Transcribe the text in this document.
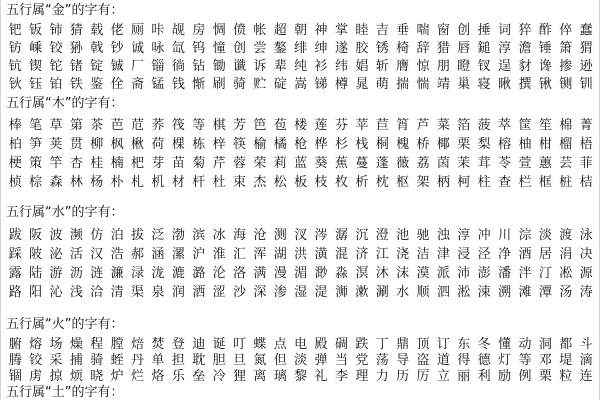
五行属“金”的字有：
钯 钣 铈 猜 载 佬 厕 咔 觇 房 惆 偾 帐 超 朝 神 掌 睦 吉 垂 喘 窗 创 捶 词 猝 酢 倅 蠢
钫 嵊 铰 狲 戟 钞 诚 咏 氙 钨 憧 创 尝 鏊 绯 绅 遂 胶 锈 椅 辞 猎 唇 鎚 淳 澹 锤 箫 猬
钪 锲 铊 锗 锭 铖 厂 锱 徜 钻 锄 谶 诉 辈 纯 衫 纬 娼 斩 膺 惊 朋 瞪 钗 逞 豺 谗 掺 逊
钬 钰 铂 铁 鉴 佺 斋 锰 钱 惭 刷 骑 贮 碇 嵩 锑 樽 晁 萌 揣 惴 靖 巢 寝 瞅 撰 锹 铡 钏
五行属“木”的字有：
棒 笔 草 第 茶 芭 苊 荞 筏 等 棋 芳 笆 苞 楼 莲 芬 苹 苣 筲 芦 菜 箔 菠 萃 筐 笙 棉 菁
柏 笋 荚 贯 柳 枫 楸 荷 棵 栋 梓 筷 榆 橘 枪 桦 杉 栈 桐 槐 桥 椰 栗 梨 榕 柚 柑 榴 梧
梗 策 竿 杏 桂 楠 杷 芽 苗 菊 芹 蓉 荣 莉 蓝 葵 蕉 蔓 蓬 薇 荔 茵 茉 茸 苓 萱 蕙 芸 菲
桢 棕 森 林 杨 朴 札 机 材 杆 杜 束 杰 松 板 枝 枚 析 枕 枢 架 柄 柯 柱 查 栏 框 桩 桔
五行属“水”的字有：
跋 阪 波 濒 仿 泊 拔 泛 渤 滨 冰 海 沧 测 汊 涔 潺 沉 澄 池 驰 浊 淳 冲 川 淙 淡 渡 泳
踩 陂 泌 活 汉 浩 郝 涵 漯 沪 淮 汇 浑 湖 洪 潢 混 济 江 浇 洁 津 浸 泾 净 酒 居 涓 决
露 陆 游 沥 涟 濂 渌 泷 漉 潞 沦 洛 满 漫 湄 渺 淼 溟 沐 沫 漠 派 沛 澎 潘 泮 汀 凇 源
路 阳 沁 浅 洽 清 渠 泉 润 洒 涩 沙 深 渗 湿 湜 浉 漱 涮 水 顺 泗 淞 涑 溯 滩 潭 汤 涛
五行属“火”的字有：
腑 熔 场 燥 程 膛 焙 焚 登 迪 诞 叮 蝶 点 电 殿 碉 跌 丁 鼎 顶 订 东 冬 懂 动 洞 都 斗
腾 铰 采 捕 骑 蛭 丹 单 担 耽 胆 旦 氮 但 淡 弹 当 党 荡 导 盗 道 得 德 灯 等 邓 堤 滴
锢 虏 掠 烦 晓 炉 烂 烙 乐 垒 冷 狸 离 璃 黎 礼 李 理 力 历 厉 立 丽 利 励 例 栗 粒 连
五行属“土”的字有：
